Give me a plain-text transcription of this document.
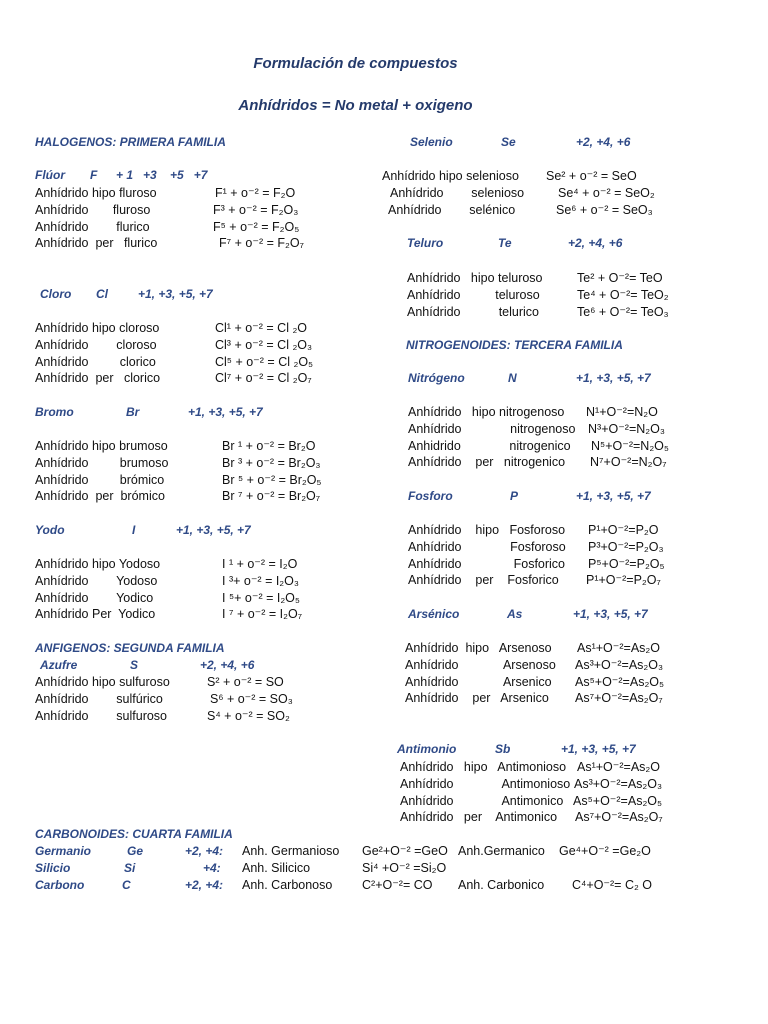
Formulación de compuestos
Anhídridos = No metal + oxigeno
HALOGENOS: PRIMERA FAMILIA
Flúor F + 1   +3    +5   +7
Anhídrido hipo flurosо	F¹ + o⁻² = F₂O
Anhídrido       fluroso	F³ + o⁻² = F₂O₃
Anhídrido        flurico	F⁵ + o⁻² = F₂O₅
Anhídrido  per   flurico	F⁷ + o⁻² = F₂O₇
Cloro Cl	+1, +3, +5, +7
Anhídrido hipo cloroso	Cl¹ + o⁻² = Cl ₂O
Anhídrido        cloroso	Cl³ + o⁻² = Cl ₂O₃
Anhídrido         clorico	Cl⁵ + o⁻² = Cl ₂O₅
Anhídrido  per   clorico	Cl⁷ + o⁻² = Cl ₂O₇
Bromo	Br	+1, +3, +5, +7
Anhídrido hipo brumoso	Br ¹ + o⁻² = Br₂O
Anhídrido         brumoso	Br ³ + o⁻² = Br₂O₃
Anhídrido         brómico	Br ⁵ + o⁻² = Br₂O₅
Anhídrido  per  brómico	Br ⁷ + o⁻² = Br₂O₇
Yodo	I	+1, +3, +5, +7
Anhídrido hipo Yodoso	I ¹ + o⁻² = I₂O
Anhídrido        Yodoso	I ³+ o⁻² = I₂O₃
Anhídrido        Yodico	I ⁵+ o⁻² = I₂O₅
Anhídrido Per  Yodico	I ⁷ + o⁻² = I₂O₇
ANFIGENOS: SEGUNDA FAMILIA
Azufre	S	+2, +4, +6
Anhídrido hipo sulfuroso	S² + o⁻² = SO
Anhídrido        sulfúrico	S⁶ + o⁻² = SO₃
Anhídrido        sulfuroso	S⁴ + o⁻² = SO₂
Selenio	Se	+2, +4, +6
Anhídrido hipo selenioso Se² + o⁻² = SeO
Anhídrido        selenioso	Se⁴ + o⁻² = SeO₂
Anhídrido        selénico	Se⁶ + o⁻² = SeO₃
Teluro	Te	+2, +4, +6
Anhídrido   hipo teluroso	Te² + O⁻²= TeO
Anhídrido          teluroso	Te⁴ + O⁻²= TeO₂
Anhídrido           telurico	Te⁶ + O⁻²= TeO₃
NITROGENOIDES: TERCERA FAMILIA
Nitrógeno	N	+1, +3, +5, +7
Anhídrido   hipo nitrogenoso N¹+O⁻²=N₂O
Anhídrido              nitrogenoso N³+O⁻²=N₂O₃
Anhidrido              nitrogenico N⁵+O⁻²=N₂O₅
Anhídrido    per   nitrogenico N⁷+O⁻²=N₂O₇
Fosforo	P	+1, +3, +5, +7
Anhídrido    hipo   Fosforoso P¹+O⁻²=P₂O
Anhídrido              Fosforoso P³+O⁻²=P₂O₃
Anhídrido               Fosforico P⁵+O⁻²=P₂O₅
Anhídrido    per    Fosforico P¹+O⁻²=P₂O₇
Arsénico	As	+1, +3, +5, +7
Anhídrido  hipo   Arsenoso As¹+O⁻²=As₂O
Anhídrido             Arsenoso As³+O⁻²=As₂O₃
Anhídrido             Arsenico As⁵+O⁻²=As₂O₅
Anhídrido    per   Arsenico As⁷+O⁻²=As₂O₇
Antimonio	Sb	+1, +3, +5, +7
Anhídrido   hipo   Antimonioso As¹+O⁻²=As₂O
Anhídrido              Antimonioso As³+O⁻²=As₂O₃
Anhídrido              Antimonico As⁵+O⁻²=As₂O₅
Anhídrido   per    Antimonico As⁷+O⁻²=As₂O₇
CARBONOIDES: CUARTA FAMILIA
Germanio	Ge	+2, +4: Anh. Germanioso Ge²+O⁻² =GeO Anh.Germanico Ge⁴+O⁻² =Ge₂O
Silicio	Si	+4: Anh. Silicico	Si⁴ +O⁻² =Si₂O
Carbono	C	+2, +4: Anh. Carbonoso C²+O⁻²= CO Anh. Carbonico C⁴+O⁻²= C₂ O
